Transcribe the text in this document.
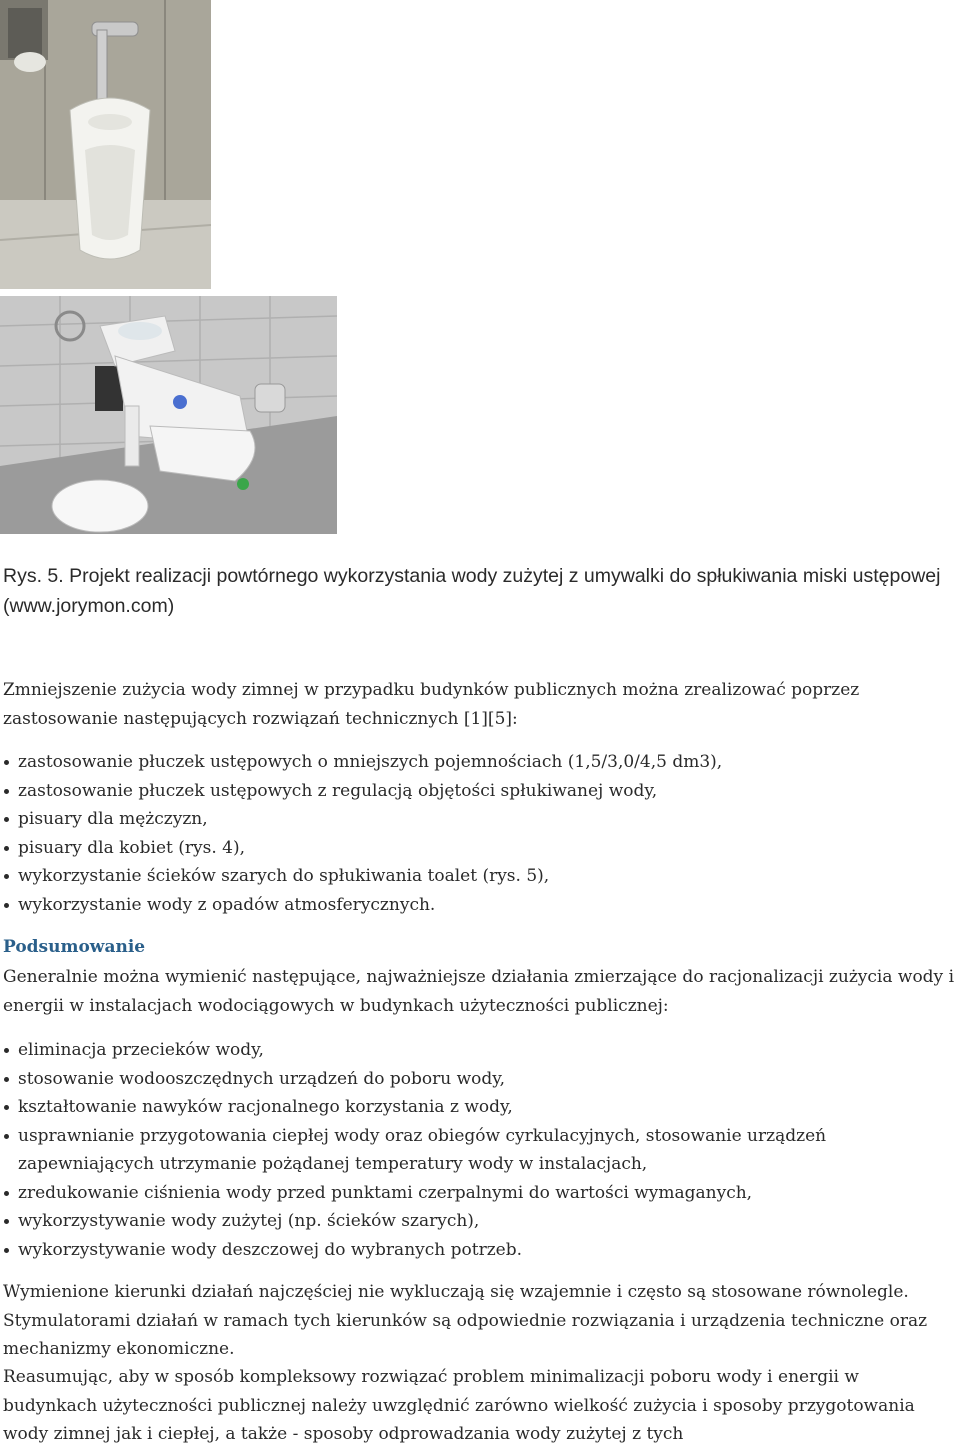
Rys. 5. Projekt realizacji powtórnego wykorzystania wody zużytej z umywalki do spłukiwania miski ustępowej (www.jorymon.com)

Zmniejszenie zużycia wody zimnej w przypadku budynków publicznych można zrealizować poprzez zastosowanie następujących rozwiązań technicznych [1][5]:

zastosowanie płuczek ustępowych o mniejszych pojemnościach (1,5/3,0/4,5 dm3),
zastosowanie płuczek ustępowych z regulacją objętości spłukiwanej wody,
pisuary dla mężczyzn,
pisuary dla kobiet (rys. 4),
wykorzystanie ścieków szarych do spłukiwania toalet (rys. 5),
wykorzystanie wody z opadów atmosferycznych.
Podsumowanie

Generalnie można wymienić następujące, najważniejsze działania zmierzające do racjonalizacji zużycia wody i energii w instalacjach wodociągowych w budynkach użyteczności publicznej:

eliminacja przecieków wody,
stosowanie wodooszczędnych urządzeń do poboru wody,
kształtowanie nawyków racjonalnego korzystania z wody,
usprawnianie przygotowania ciepłej wody oraz obiegów cyrkulacyjnych, stosowanie urządzeń zapewniających utrzymanie pożądanej temperatury wody w instalacjach,
zredukowanie ciśnienia wody przed punktami czerpalnymi do wartości wymaganych,
wykorzystywanie wody zużytej (np. ścieków szarych),
wykorzystywanie wody deszczowej do wybranych potrzeb.

Wymienione kierunki działań najczęściej nie wykluczają się wzajemnie i często są stosowane równolegle. Stymulatorami działań w ramach tych kierunków są odpowiednie rozwiązania i urządzenia techniczne oraz mechanizmy ekonomiczne.

Reasumując, aby w sposób kompleksowy rozwiązać problem minimalizacji poboru wody i energii w budynkach użyteczności publicznej należy uwzględnić zarówno wielkość zużycia i sposoby przygotowania wody zimnej jak i ciepłej, a także - sposoby odprowadzania wody zużytej z tych
